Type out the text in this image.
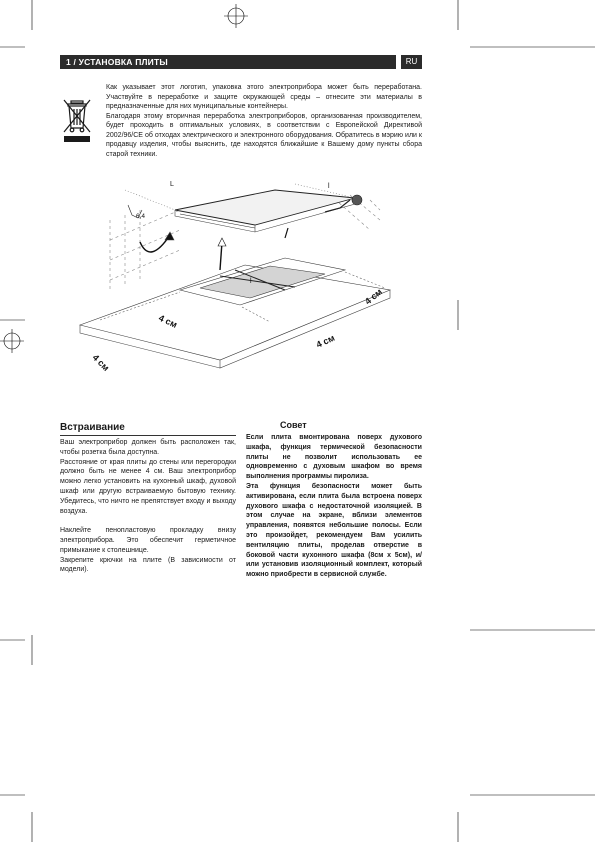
1 / УСТАНОВКА ПЛИТЫ	RU

Как указывает этот логотип, упаковка этого электроприбора может быть переработана. Участвуйте в переработке и защите окружающей среды – отнесите эти материалы в предназначенные для них муниципальные контейнеры.

Благодаря этому вторичная переработка электроприборов, организованная производителем, будет проходить в оптимальных условиях, в соответствии с Европейской Директивой 2002/96/CE об отходах электрического и электронного оборудования. Обратитесь в мэрию или к продавцу изделия, чтобы выяснить, где находятся ближайшие к Вашему дому пункты сбора старой техники.

L	l
l
6,4
4 см
4 см
4 см
4 см
Встраивание

Ваш электроприбор должен быть расположен так, чтобы розетка была доступна.

Расстояние от края плиты до стены или перегородки должно быть не менее 4 см. Ваш электроприбор можно легко установить на кухонный шкаф, духовой шкаф или другую встраиваемую бытовую технику. Убедитесь, что ничто не препятствует входу и выходу воздуха.

Наклейте пенопластовую прокладку внизу электроприбора. Это обеспечит герметичное примыкание к столешнице.

Закрепите крючки на плите (В зависимости от модели).

Совет

Если плита вмонтирована поверх духового шкафа, функция термической безопасности плиты не позволит использовать ее одновременно с духовым шкафом во время выполнения программы пиролиза.

Эта функция безопасности может быть активирована, если плита была встроена поверх духового шкафа с недостаточной изоляцией. В этом случае на экране, вблизи элементов управления, появятся небольшие полосы. Если это произойдет, рекомендуем Вам усилить вентиляцию плиты, проделав отверстие в боковой части кухонного шкафа (8см х 5см), и/или установив изоляционный комплект, который можно приобрести в сервисной службе.
